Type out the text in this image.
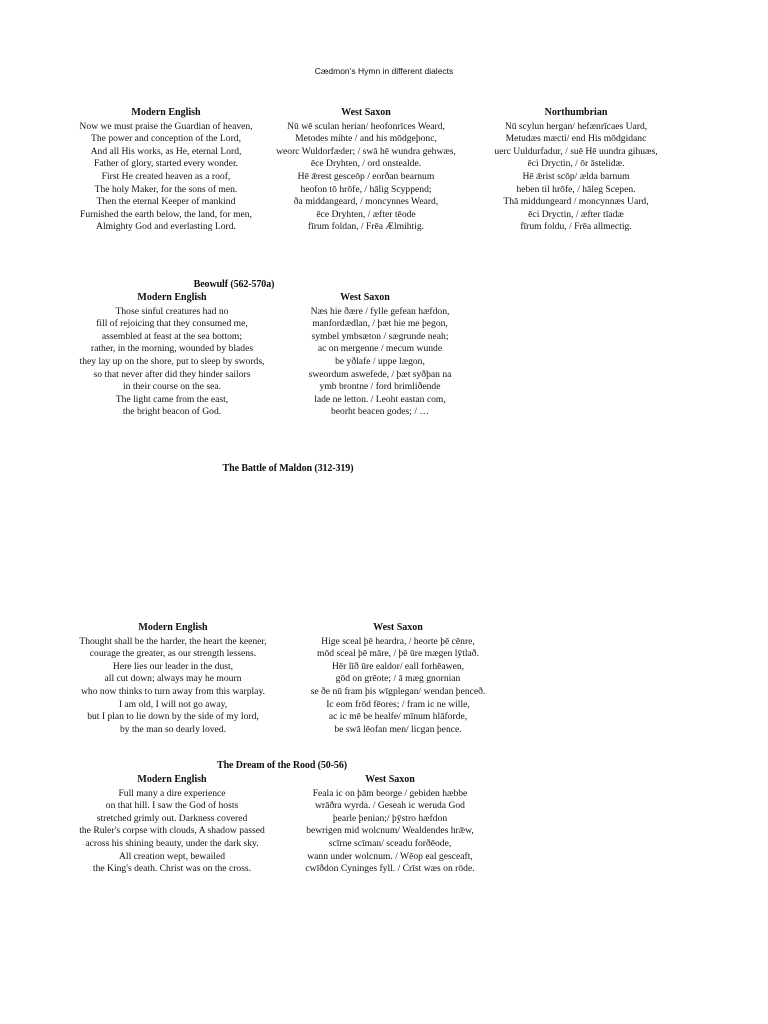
Cædmon’s Hymn in different dialects
Modern English
Now we must praise the Guardian of heaven,
The power and conception of the Lord,
And all His works, as He, eternal Lord,
Father of glory, started every wonder.
First He created heaven as a roof,
The holy Maker, for the sons of men.
Then the eternal Keeper of mankind
Furnished the earth below, the land, for men,
Almighty God and everlasting Lord.
West Saxon
Nū wē sculan herian/ heofonrīces Weard,
Metodes mihte / and his mōdgeþonc,
weorc Wuldorfæder; / swā hē wundra gehwæs,
ēce Dryhten, / ord onstealde.
Hē ǣrest gesceōp / eorðan bearnum
heofon tō hrōfe, / hālig Scyppend;
ða middangeard, / moncynnes Weard,
ēce Dryhten, / æfter tēode
fīrum foldan, / Frēa Ælmihtig.
Northumbrian
Nū scylun hergan/ hefænrīcaes Uard,
Metudæs mæcti/ end His mōdgidanc
uerc Uuldurfadur, / suē Hē uundra gihuæs,
ēci Dryctin, / ōr āstelidæ.
Hē ǣrist scōp/ ælda barnum
heben til hrōfe, / hāleg Scepen.
Thā middungeard / moncynnæs Uard,
ēci Dryctin, / æfter tīadæ
fīrum foldu, / Frēa allmectig.
Beowulf (562-570a)
Modern English
Those sinful creatures had no
fill of rejoicing that they consumed me,
assembled at feast at the sea bottom;
rather, in the morning, wounded by blades
they lay up on the shore, put to sleep by swords,
so that never after did they hinder sailors
in their course on the sea.
The light came from the east,
the bright beacon of God.
West Saxon
Næs hie ðære / fylle gefean hæfdon,
manfordædlan, / þæt hie me þegon,
symbel ymbsæton / sægrunde neah;
ac on mergenne / mecum wunde
be yðlafe / uppe lægon,
sweordum aswefede, / þæt syðþan na
ymb brontne / ford brimliðende
lade ne letton. / Leoht eastan com,
beorht beacen godes; / …
The Battle of Maldon (312-319)
Modern English
Thought shall be the harder, the heart the keener,
courage the greater, as our strength lessens.
Here lies our leader in the dust,
all cut down; always may he mourn
who now thinks to turn away from this warplay.
I am old, I will not go away,
but I plan to lie down by the side of my lord,
by the man so dearly loved.
West Saxon
Hige sceal þē heardra, / heorte þē cēnre,
mōd sceal þē māre, / þē ūre mægen lȳtlað.
Hēr līð ūre ealdor/ eall forhēawen,
gōd on grēote; / ā mæg gnornian
se ðe nū fram þis wīgplegan/ wendan þenceð.
Ic eom frōd fēores; / fram ic ne wille,
ac ic mē be healfe/ mīnum hlāforde,
be swā lēofan men/ licgan þence.
The Dream of the Rood (50-56)
Modern English
Full many a dire experience
on that hill. I saw the God of hosts
stretched grimly out. Darkness covered
the Ruler's corpse with clouds, A shadow passed
across his shining beauty, under the dark sky.
All creation wept, bewailed
the King's death. Christ was on the cross.
West Saxon
Feala ic on þām beorge / gebiden hæbbe
wrāðra wyrda. / Geseah ic weruda God
þearle þenian;/ þȳstro hæfdon
bewrigen mid wolcnum/ Wealdendes hrǣw,
scīrne scīman/ sceadu forðēode,
wann under wolcnum. / Wēop eal gesceaft,
cwīðdon Cyninges fyll. / Crīst wæs on rōde.
